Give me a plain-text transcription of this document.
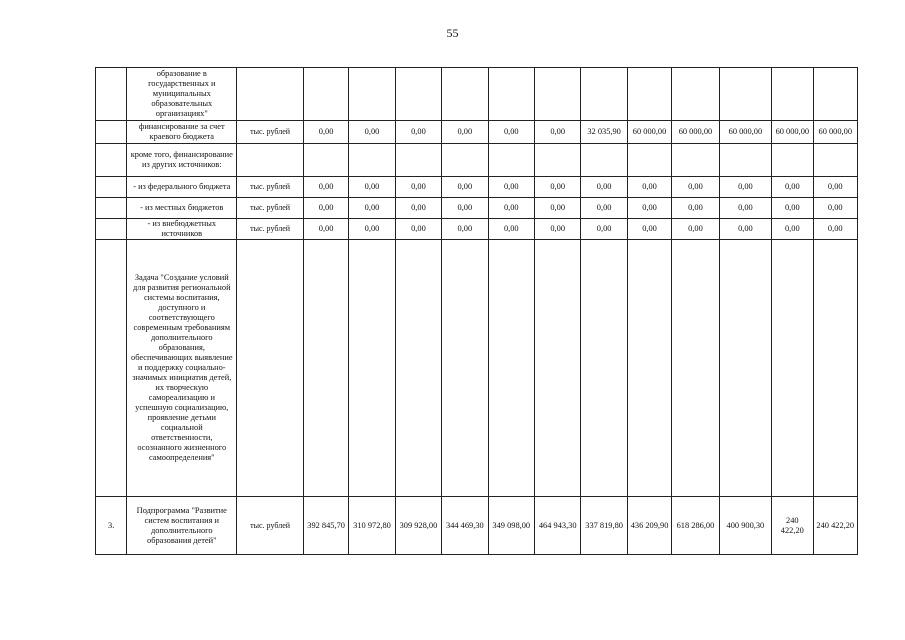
55
	образование в государственных и муниципальных образовательных организациях"													
	финансирование за счет краевого бюджета	тыс. рублей	0,00	0,00	0,00	0,00	0,00	0,00	32 035,90	60 000,00	60 000,00	60 000,00	60 000,00	60 000,00
	кроме того, финансирование из других источников:													
	- из федерального бюджета	тыс. рублей	0,00	0,00	0,00	0,00	0,00	0,00	0,00	0,00	0,00	0,00	0,00	0,00
	- из местных бюджетов	тыс. рублей	0,00	0,00	0,00	0,00	0,00	0,00	0,00	0,00	0,00	0,00	0,00	0,00
	- из внебюджетных источников	тыс. рублей	0,00	0,00	0,00	0,00	0,00	0,00	0,00	0,00	0,00	0,00	0,00	0,00
	Задача "Создание условий для развития региональной системы воспитания, доступного и соответствующего современным требованиям дополнительного образования, обеспечивающих выявление и поддержку социально-значимых инициатив детей, их творческую самореализацию и успешную социализацию, проявление детьми социальной ответственности, осознанного жизненного самоопределения"													
3.	Подпрограмма "Развитие систем воспитания и дополнительного образования детей"	тыс. рублей	392 845,70	310 972,80	309 928,00	344 469,30	349 098,00	464 943,30	337 819,80	436 209,90	618 286,00	400 900,30	240 422,20	240 422,20
